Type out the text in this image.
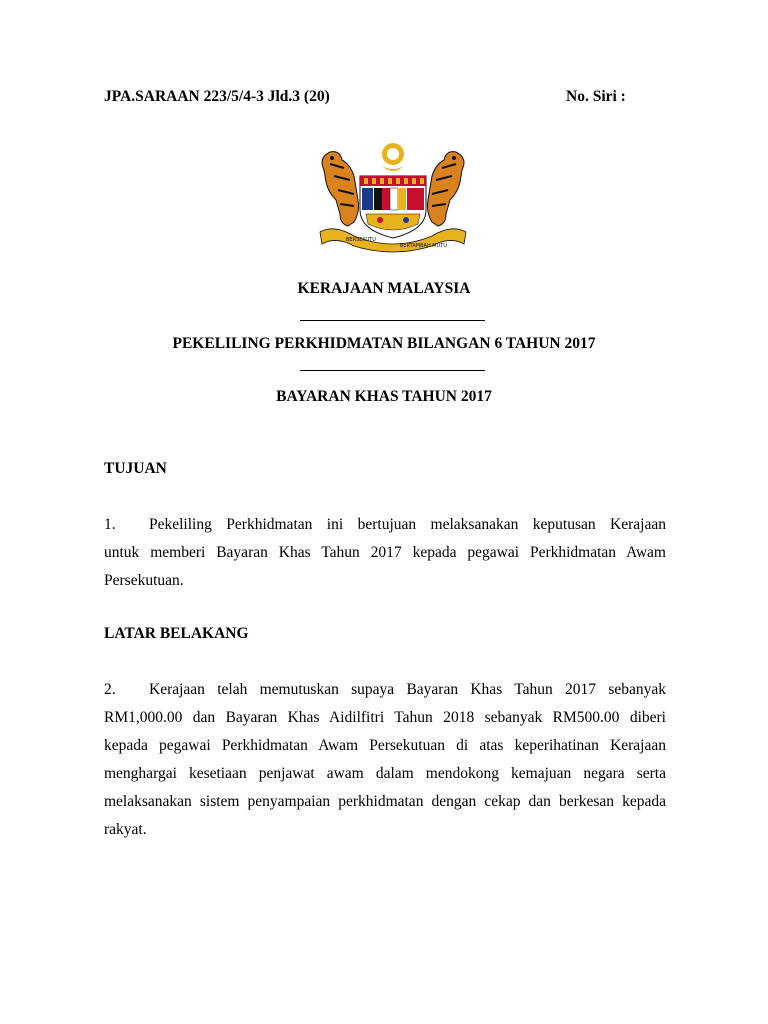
JPA.SARAAN 223/5/4-3 Jld.3 (20)	No. Siri :
BERSEKUTU
BERTAMBAH MUTU
KERAJAAN MALAYSIA
PEKELILING PERKHIDMATAN BILANGAN 6 TAHUN 2017
BAYARAN KHAS TAHUN 2017
TUJUAN
1. Pekeliling Perkhidmatan ini bertujuan melaksanakan keputusan Kerajaan
untuk memberi Bayaran Khas Tahun 2017 kepada pegawai Perkhidmatan Awam
Persekutuan.
LATAR BELAKANG
2. Kerajaan telah memutuskan supaya Bayaran Khas Tahun 2017 sebanyak
RM1,000.00 dan Bayaran Khas Aidilfitri Tahun 2018 sebanyak RM500.00 diberi
kepada pegawai Perkhidmatan Awam Persekutuan di atas keperihatinan Kerajaan
menghargai kesetiaan penjawat awam dalam mendokong kemajuan negara serta
melaksanakan sistem penyampaian perkhidmatan dengan cekap dan berkesan kepada
rakyat.
